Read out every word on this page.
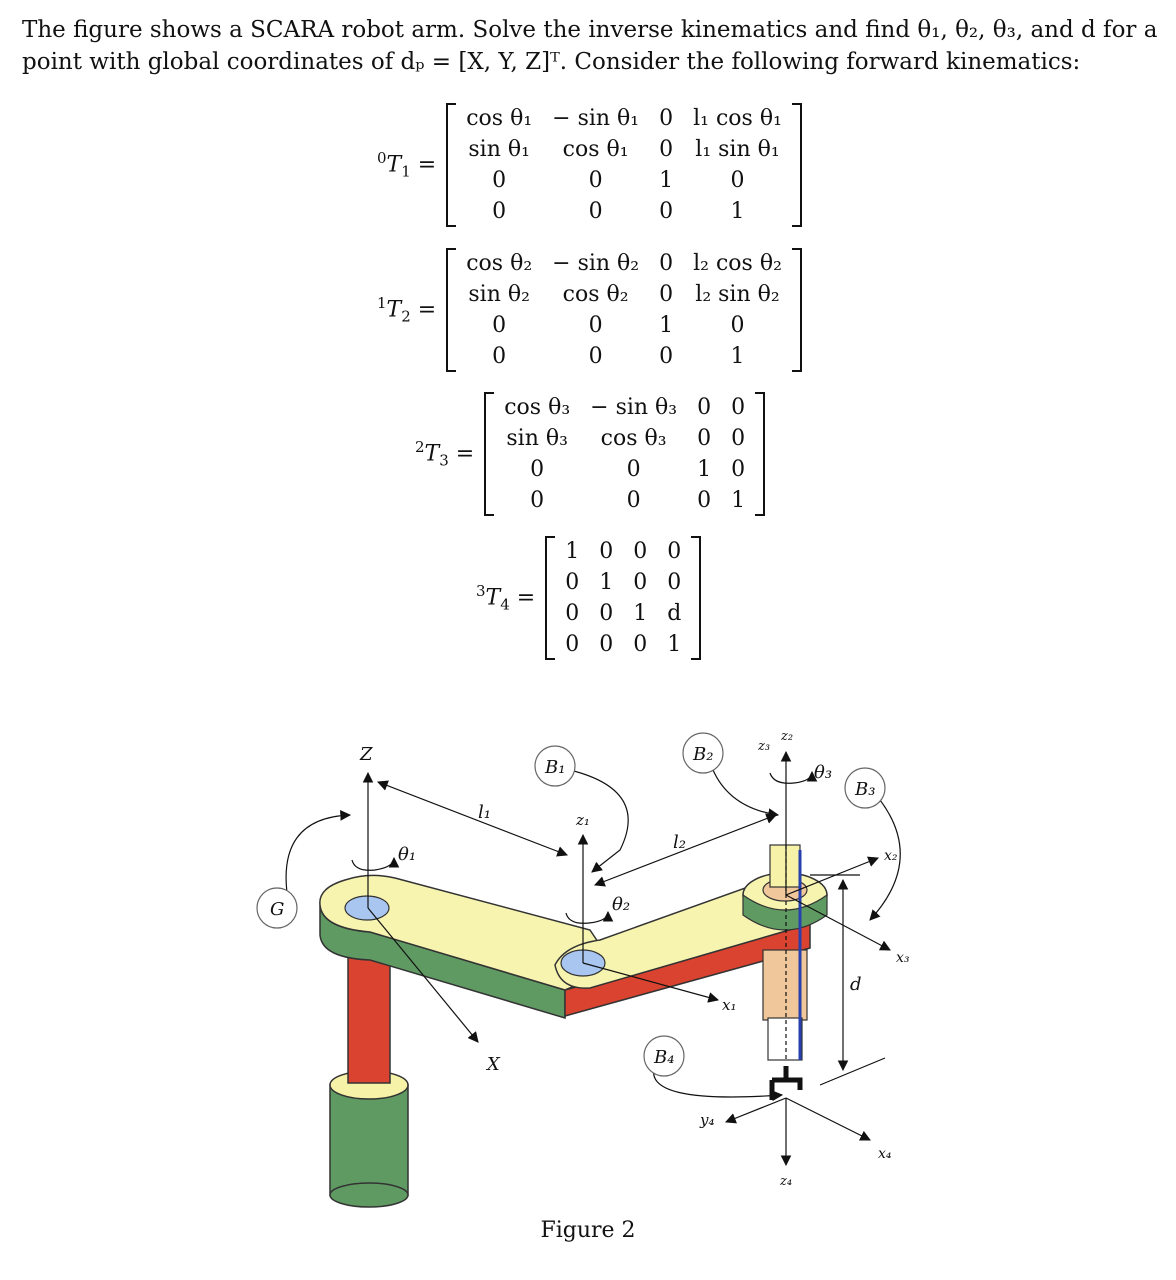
The figure shows a SCARA robot arm. Solve the inverse kinematics and find θ₁, θ₂, θ₃, and d for a

point with global coordinates of dₚ = [X, Y, Z]ᵀ. Consider the following forward kinematics:

$^0T_1$ =
cos θ₁	− sin θ₁	0	l₁ cos θ₁
sin θ₁	cos θ₁	0	l₁ sin θ₁
0	0	1	0
0	0	0	1
$^1T_2$ =
cos θ₂	− sin θ₂	0	l₂ cos θ₂
sin θ₂	cos θ₂	0	l₂ sin θ₂
0	0	1	0
0	0	0	1
$^2T_3$ =
cos θ₃	− sin θ₃	0	0
sin θ₃	cos θ₃	0	0
0	0	1	0
0	0	0	1
$^3T_4$ =
1	0	0	0
0	1	0	0
0	0	1	d
0	0	0	1
G
B₁
B₂
B₃
B₄
Z
θ₁
l₁	z₁
l₂
θ₂
z₃
z₂
θ₃
x₂
x₃
d
x₁
X
y₄
x₄
z₄
Figure 2
